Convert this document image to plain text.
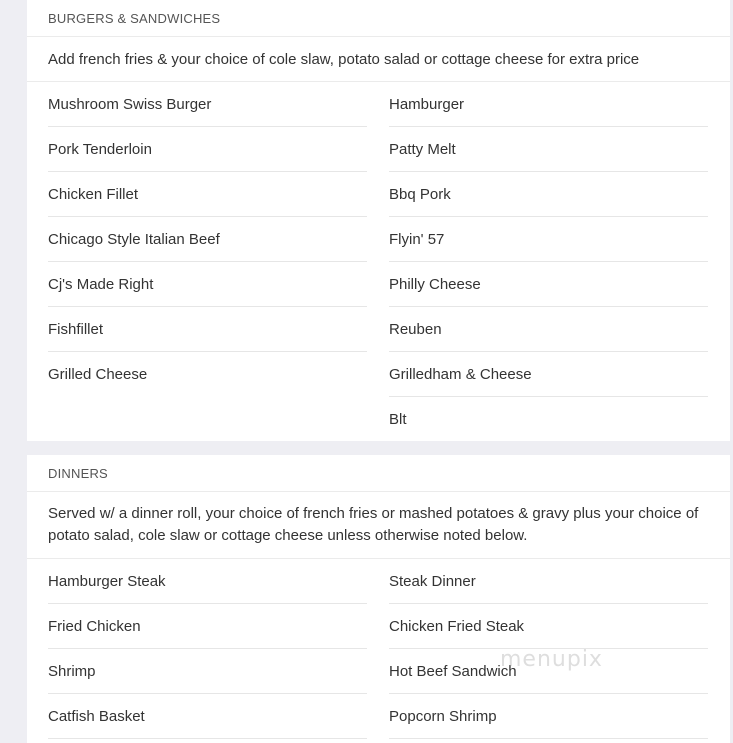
BURGERS & SANDWICHES
Add french fries & your choice of cole slaw, potato salad or cottage cheese for extra price
Mushroom Swiss Burger	Hamburger
Pork Tenderloin	Patty Melt
Chicken Fillet	Bbq Pork
Chicago Style Italian Beef	Flyin' 57
Cj's Made Right	Philly Cheese
Fishfillet	Reuben
Grilled Cheese	Grilledham & Cheese
Blt
DINNERS
Served w/ a dinner roll, your choice of french fries or mashed potatoes & gravy plus your choice of potato salad, cole slaw or cottage cheese unless otherwise noted below.
Hamburger Steak	Steak Dinner
Fried Chicken	Chicken Fried Steak
Shrimp	Hot Beef Sandwich
Catfish Basket	Popcorn Shrimp
menupix
